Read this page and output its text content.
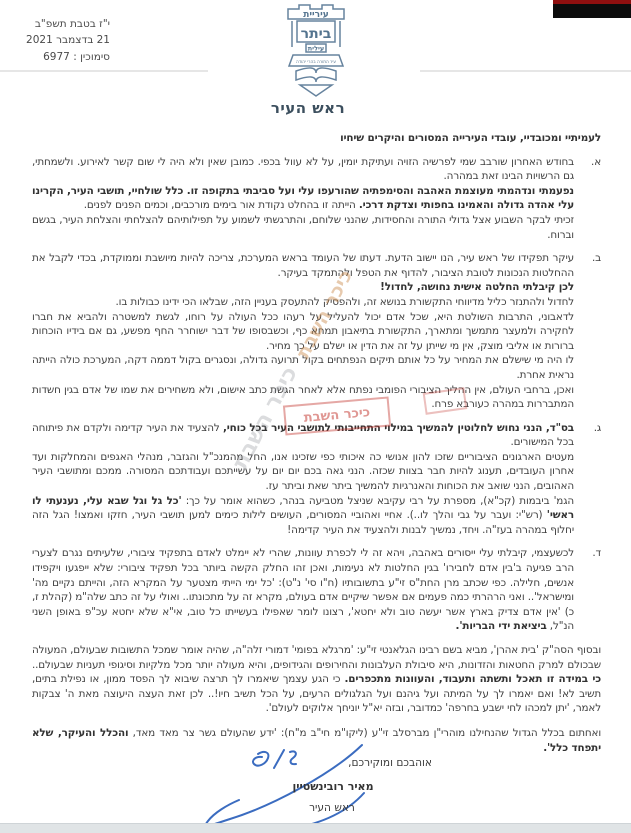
י"ז בטבת תשפ"ב
21 בדצמבר 2021
סימוכין : 6977
עיריית
ביתר
עילית
עיר התורה בהרי יהודה
ראש העיר
לעמיתיי ומכובדיי, עובדי העירייה המסורים והיקרים שיחיו
א.
בחודש האחרון שורבב שמי לפרשיה הזויה ועתיקת יומין, על לא עוול בכפי. כמובן שאין ולא היה לי שום קשר לאירוע. ולשמחתי, גם הרשויות הבינו זאת במהרה.
נפעמתי ונדהמתי מעוצמת האהבה והסימפתיה שהורעפו עלי ועל סביבתי בתקופה זו. כלל שולחיי, תושבי העיר, הקרינו עלי אהדה גדולה והאמינו בחפותי וצדקת דרכי. הייתה זו בהחלט נקודת אור בימים מורכבים, וכמים הפנים לפנים.
זכיתי לבקר השבוע אצל גדולי התורה והחסידות, שהנני שלוחם, והתרגשתי לשמוע על תפילותיהם להצלחתי והצלחת העיר, בגשם וברוח.
ב.
עיקר תפקידו של ראש עיר, הנו יישוב הדעת. דעתו של העומד בראש המערכת, צריכה להיות מיושבת וממוקדת, בכדי לקבל את ההחלטות הנכונות לטובת הציבור, להדוף את הטפל ולהתמקד בעיקר.
לכן קיבלתי החלטה אישית נחושה, לחדול!
לחדול ולהתנזר כליל מדיווחי התקשורת בנושא זה, ולהפסיק להתעסק בעניין הזה, שבלאו הכי ידינו כבולות בו.
לדאבוני, התרבות השולטת היא, שכל אדם יכול להעליל על רעהו ככל העולה על רוחו, לגשת למשטרה ולהביא את חברו לחקירה ולמעצר מתמשך ומתארך, התקשורת בתיאבון תמחא כף, וכשבסופו של דבר ישוחרר החף מפשע, גם אם בידיו הוכחות ברורות או אליבי מוצק, אין מי שייתן על זה את הדין או ישלם על כך מחיר.
לו היה מי שישלם את המחיר על כל אותם תיקים הנפתחים בקול תרועה גדולה, ונסגרים בקול דממה דקה, המערכת כולה הייתה נראית אחרת.
ואכן, ברחבי העולם, אין ההליך הציבורי הפומבי נפתח אלא לאחר הגשת כתב אישום, ולא משחירים את שמו של אדם בגין חשדות המתבררות במהרה כעורבא פרח.
ג.
בס"ד, הנני נחוש לחלוטין להמשיך במילוי התחייבותי לתושבי העיר בכל כוחי, להצעיד את העיר קדימה ולקדם את פיתוחה בכל המישורים.
מעטים הארגונים הציבוריים שזכו להון אנושי כה איכותי כפי שזכינו אנו, החל מהמנכ"ל והגזבר, מנהלי האגפים והמחלקות ועד אחרון העובדים, תענוג להיות חבר בצוות שכזה. הנני גאה בכם יום יום על עשייתכם ועבודתכם המסורה. ממכם ומתושבי העיר האהובים, הנני שואב את הכוחות והאנרגיות להמשיך ביתר שאת וביתר עז.
הגמ' ביבמות (קכ"א), מספרת על רבי עקיבא שניצל מטביעה בנהר, כשהוא אומר על כך: 'כל גל וגל שבא עלי, נענעתי לו ראשי' (רש"י: ועבר על גבי והלך לו..). אחיי ואהוביי המסורים, העושים לילות כימים למען תושבי העיר, חזקו ואמצו! הגל הזה יחלוף במהרה בעז"ה. ויחד, נמשיך לבנות ולהצעיד את העיר קדימה!
ד.
לכשעצמי, קיבלתי עלי ייסורים באהבה, ויהא זה לי לכפרת עוונות, שהרי לא יימלט לאדם בתפקיד ציבורי, שלעיתים נגרם לצערי הרב פגיעה ב'בין אדם לחבירו' בגין החלטות לא נעימות, ואכן זהו החלק הקשה ביותר בכל תפקיד ציבורי: שלא ייפגעו ויקפידו אנשים, חלילה. כפי שכתב מרן החת"ס זי"ע בתשובותיו (ח"ו סי' נ"ט): 'כל ימי הייתי מצטער על המקרא הזה, והייתם נקיים מה' ומישראל'.. ואני הרהרתי כמה פעמים אם אפשר שיקיים אדם בעולם, מקרא זה על מתכונתו.. ואולי על זה כתב שלה"מ (קהלת ז, כ) 'אין אדם צדיק בארץ אשר יעשה טוב ולא יחטא', רצונו לומר שאפילו בעשייתו כל טוב, אי"א שלא יחטא עכ"פ באופן השני הנ"ל, ביציאת ידי הבריות'.
ובסוף הסה"ק 'בית אהרן', מביא בשם רבינו הגלאנטי זי"ע: 'מרגלא בפומי' דמורי זלה"ה, שהיה אומר שמכל התשובות שבעולם, המעולה שבכולם למרק החטאות והזדונות, היא סיבולת העלבונות והחירופים והגידופים, והיא מעולה יותר מכל מלקיות וסיגופי תעניות שבעולם.. כי במידה זו תאכל ותשתה ותעבוד, והעוונות מתכפרים. כי הגע עצמך שיאמרו לך תרצה שיבוא לך הפסד ממון, או נפילת בתים, תשיב לא! ואם יאמרו לך על המיתה ועל גיהנם ועל הגלגולים הרעים, על הכל תשיב חיו!.. לכן זאת העצה היעוצה מאת ה' צבקות לאמר, 'יתן למכהו לחי ישבע בחרפה' כמדובר, ובזה יא"ל יוניחך אלוקים לעולם'.
ואחתום בכלל הגדול שהנחילנו מוהרי"ן מברסלב זי"ע (ליקו"מ חי"ב מ"ח): 'ידע שהעולם גשר צר מאד מאד, והכלל והעיקר, שלא יתפחד כלל'.
כיכר השבת
כיכר השבת כיכר השבת
אוהבכם ומוקירכם,
מאיר רובינשטיין
ראש העיר
